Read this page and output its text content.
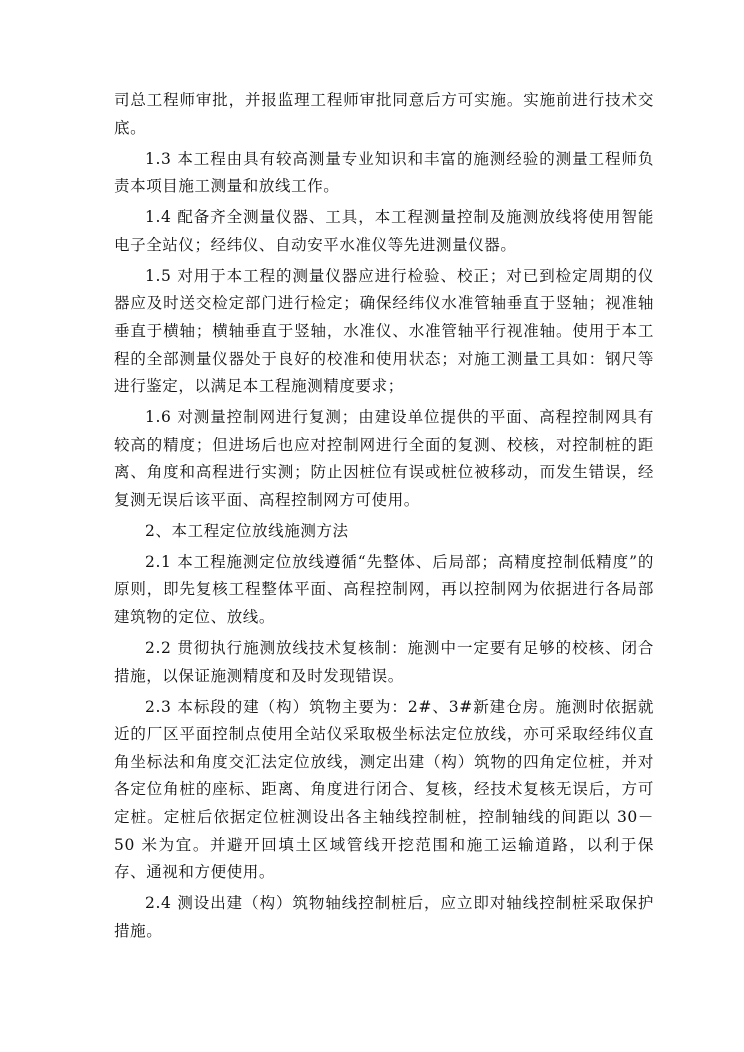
司总工程师审批，并报监理工程师审批同意后方可实施。实施前进行技术交底。

1.3 本工程由具有较高测量专业知识和丰富的施测经验的测量工程师负责本项目施工测量和放线工作。

1.4 配备齐全测量仪器、工具，本工程测量控制及施测放线将使用智能电子全站仪；经纬仪、自动安平水准仪等先进测量仪器。

1.5 对用于本工程的测量仪器应进行检验、校正；对已到检定周期的仪器应及时送交检定部门进行检定；确保经纬仪水准管轴垂直于竖轴；视准轴垂直于横轴；横轴垂直于竖轴，水准仪、水准管轴平行视准轴。使用于本工程的全部测量仪器处于良好的校准和使用状态；对施工测量工具如：钢尺等进行鉴定，以满足本工程施测精度要求；

1.6 对测量控制网进行复测；由建设单位提供的平面、高程控制网具有较高的精度；但进场后也应对控制网进行全面的复测、校核，对控制桩的距离、角度和高程进行实测；防止因桩位有误或桩位被移动，而发生错误，经复测无误后该平面、高程控制网方可使用。

2、本工程定位放线施测方法

2.1 本工程施测定位放线遵循“先整体、后局部；高精度控制低精度”的原则，即先复核工程整体平面、高程控制网，再以控制网为依据进行各局部建筑物的定位、放线。

2.2 贯彻执行施测放线技术复核制：施测中一定要有足够的校核、闭合措施，以保证施测精度和及时发现错误。

2.3 本标段的建（构）筑物主要为：2#、3#新建仓房。施测时依据就近的厂区平面控制点使用全站仪采取极坐标法定位放线，亦可采取经纬仪直角坐标法和角度交汇法定位放线，测定出建（构）筑物的四角定位桩，并对各定位角桩的座标、距离、角度进行闭合、复核，经技术复核无误后，方可定桩。定桩后依据定位桩测设出各主轴线控制桩，控制轴线的间距以 30－50 米为宜。并避开回填土区域管线开挖范围和施工运输道路，以利于保存、通视和方便使用。

2.4 测设出建（构）筑物轴线控制桩后，应立即对轴线控制桩采取保护措施。
